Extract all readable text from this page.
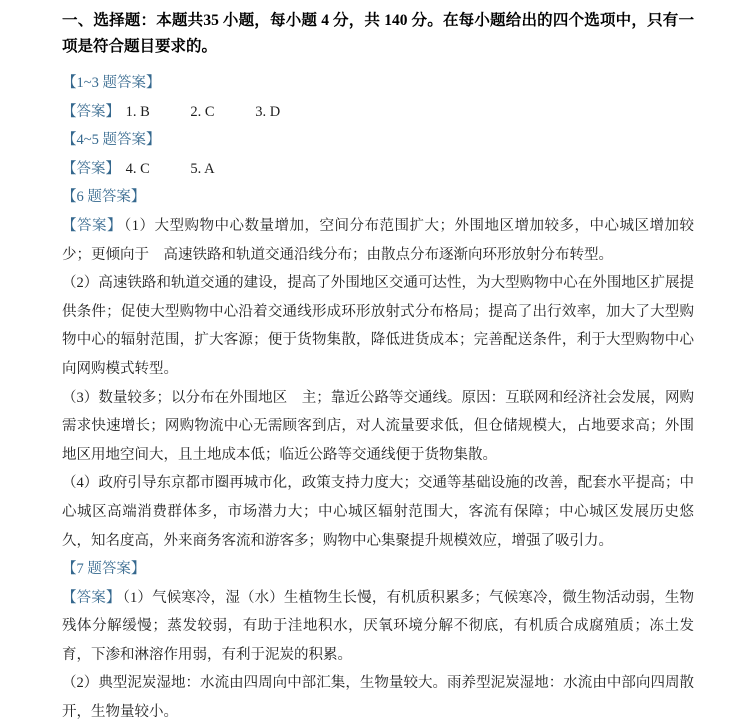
一、选择题：本题共35 小题，每小题 4 分，共 140 分。在每小题给出的四个选项中，只有一项是符合题目要求的。

【1~3 题答案】

【答案】 1. B	2. C	3. D

【4~5 题答案】

【答案】 4. C	5. A

【6 题答案】

【答案】 （1）大型购物中心数量增加，空间分布范围扩大；外围地区增加较多，中心城区增加较少；更倾向于　高速铁路和轨道交通沿线分布；由散点分布逐渐向环形放射分布转型。

（2）高速铁路和轨道交通的建设，提高了外围地区交通可达性，为大型购物中心在外围地区扩展提供条件；促使大型购物中心沿着交通线形成环形放射式分布格局；提高了出行效率，加大了大型购物中心的辐射范围，扩大客源；便于货物集散，降低进货成本；完善配送条件，利于大型购物中心向网购模式转型。

（3）数量较多；以分布在外围地区　主；靠近公路等交通线。原因：互联网和经济社会发展，网购需求快速增长；网购物流中心无需顾客到店，对人流量要求低，但仓储规模大，占地要求高；外围地区用地空间大，且土地成本低；临近公路等交通线便于货物集散。

（4）政府引导东京都市圈再城市化，政策支持力度大；交通等基础设施的改善，配套水平提高；中心城区高端消费群体多，市场潜力大；中心城区辐射范围大，客流有保障；中心城区发展历史悠久，知名度高，外来商务客流和游客多；购物中心集聚提升规模效应，增强了吸引力。

【7 题答案】

【答案】 （1）气候寒冷，湿（水）生植物生长慢，有机质积累多；气候寒冷，微生物活动弱，生物残体分解缓慢；蒸发较弱，有助于洼地积水，厌氧环境分解不彻底，有机质合成腐殖质；冻土发育，下渗和淋溶作用弱，有利于泥炭的积累。

（2）典型泥炭湿地：水流由四周向中部汇集，生物量较大。雨养型泥炭湿地：水流由中部向四周散开，生物量较小。
